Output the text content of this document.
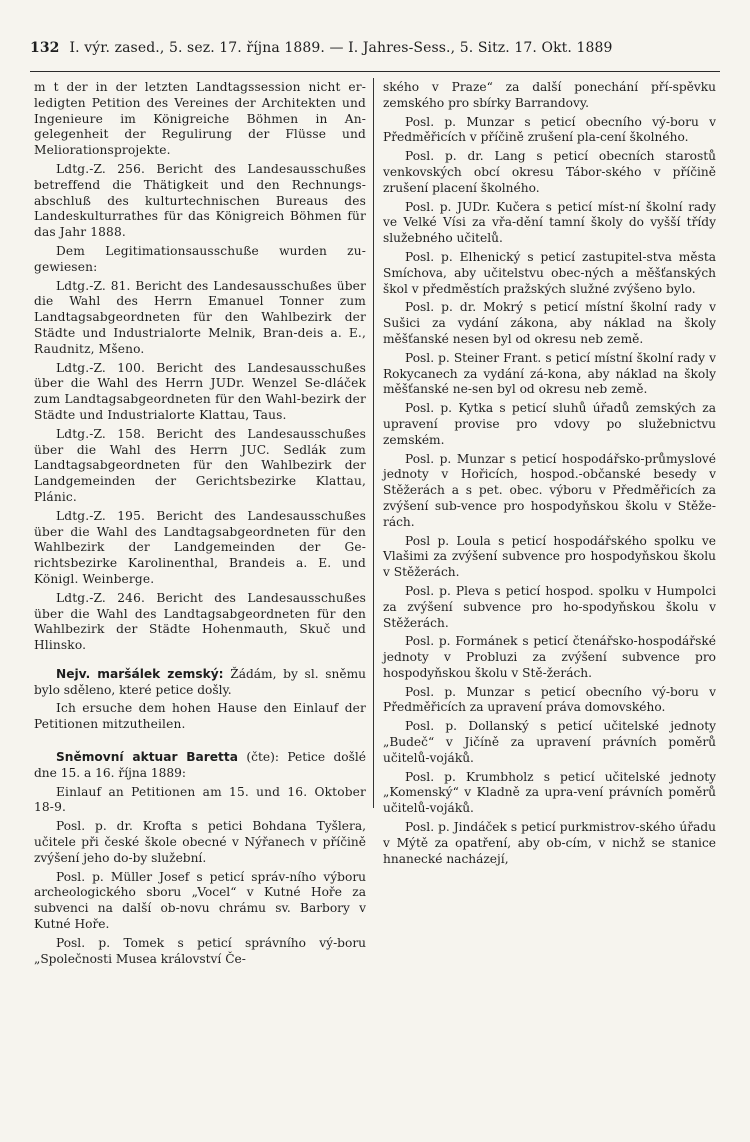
132 I. výr. zased., 5. sez. 17. října 1889. — I. Jahres-Sess., 5. Sitz. 17. Okt. 1889

m t der in der letzten Landtagssession nicht er-ledigten Petition des Vereines der Architekten und Ingenieure im Königreiche Böhmen in An-gelegenheit der Regulirung der Flüsse und Meliorationsprojekte.

Ldtg.-Z. 256. Bericht des Landesausschußes betreffend die Thätigkeit und den Rechnungs-abschluß des kulturtechnischen Bureaus des Landeskulturrathes für das Königreich Böhmen für das Jahr 1888.

Dem Legitimationsausschuße wurden zu-gewiesen:

Ldtg.-Z. 81. Bericht des Landesausschußes über die Wahl des Herrn Emanuel Tonner zum Landtagsabgeordneten für den Wahlbezirk der Städte und Industrialorte Melnik, Bran-deis a. E., Raudnitz, Mšeno.

Ldtg.-Z. 100. Bericht des Landesausschußes über die Wahl des Herrn JUDr. Wenzel Se-dláček zum Landtagsabgeordneten für den Wahl-bezirk der Städte und Industrialorte Klattau, Taus.

Ldtg.-Z. 158. Bericht des Landesausschußes über die Wahl des Herrn JUC. Sedlák zum Landtagsabgeordneten für den Wahlbezirk der Landgemeinden der Gerichtsbezirke Klattau, Plánic.

Ldtg.-Z. 195. Bericht des Landesausschußes über die Wahl des Landtagsabgeordneten für den Wahlbezirk der Landgemeinden der Ge-richtsbezirke Karolinenthal, Brandeis a. E. und Königl. Weinberge.

Ldtg.-Z. 246. Bericht des Landesausschußes über die Wahl des Landtagsabgeordneten für den Wahlbezirk der Städte Hohenmauth, Skuč und Hlinsko.

Nejv. maršálek zemský: Žádám, by sl. sněmu bylo sděleno, které petice došly.

Ich ersuche dem hohen Hause den Einlauf der Petitionen mitzutheilen.

Sněmovní aktuar Baretta (čte): Petice došlé dne 15. a 16. října 1889:

Einlauf an Petitionen am 15. und 16. Oktober 18-9.

Posl. p. dr. Krofta s petici Bohdana Tyšlera, učitele při české škole obecné v Nýřanech v příčině zvýšení jeho do-by služební.

Posl. p. Müller Josef s peticí správ-ního výboru archeologického sboru „Vocel“ v Kutné Hoře za subvenci na další ob-novu chrámu sv. Barbory v Kutné Hoře.

Posl. p. Tomek s peticí správního vý-boru „Společnosti Musea království Če-

ského v Praze“ za další ponechání pří-spěvku zemského pro sbírky Barrandovy.

Posl. p. Munzar s peticí obecního vý-boru v Předměřicích v příčině zrušení pla-cení školného.

Posl. p. dr. Lang s peticí obecních starostů venkovských obcí okresu Tábor-ského v příčině zrušení placení školného.

Posl. p. JUDr. Kučera s peticí míst-ní školní rady ve Velké Vísi za vřa-dění tamní školy do vyšší třídy služebného učitelů.

Posl. p. Elhenický s peticí zastupitel-stva města Smíchova, aby učitelstvu obec-ných a měšťanských škol v předměstích pražských služné zvýšeno bylo.

Posl. p. dr. Mokrý s peticí místní školní rady v Sušici za vydání zákona, aby náklad na školy měšťanské nesen byl od okresu neb země.

Posl. p. Steiner Frant. s peticí místní školní rady v Rokycanech za vydání zá-kona, aby náklad na školy měšťanské ne-sen byl od okresu neb země.

Posl. p. Kytka s peticí sluhů úřadů zemských za upravení provise pro vdovy po služebnictvu zemském.

Posl. p. Munzar s peticí hospodářsko-průmyslové jednoty v Hořicích, hospod.-občanské besedy v Stěžerách a s pet. obec. výboru v Předměřicích za zvýšení sub-vence pro hospodyňskou školu v Stěže-rách.

Posl p. Loula s peticí hospodářského spolku ve Vlašimi za zvýšení subvence pro hospodyňskou školu v Stěžerách.

Posl. p. Pleva s peticí hospod. spolku v Humpolci za zvýšení subvence pro ho-spodyňskou školu v Stěžerách.

Posl. p. Formánek s peticí čtenářsko-hospodářské jednoty v Probluzi za zvýšení subvence pro hospodyňskou školu v Stě-žerách.

Posl. p. Munzar s peticí obecního vý-boru v Předměřicích za upravení práva domovského.

Posl. p. Dollanský s peticí učitelské jednoty „Budeč“ v Jičíně za upravení právních poměrů učitelů-vojáků.

Posl. p. Krumbholz s peticí učitelské jednoty „Komenský“ v Kladně za upra-vení právních poměrů učitelů-vojáků.

Posl. p. Jindáček s peticí purkmistrov-ského úřadu v Mýtě za opatření, aby ob-cím, v nichž se stanice hnanecké nacházejí,
